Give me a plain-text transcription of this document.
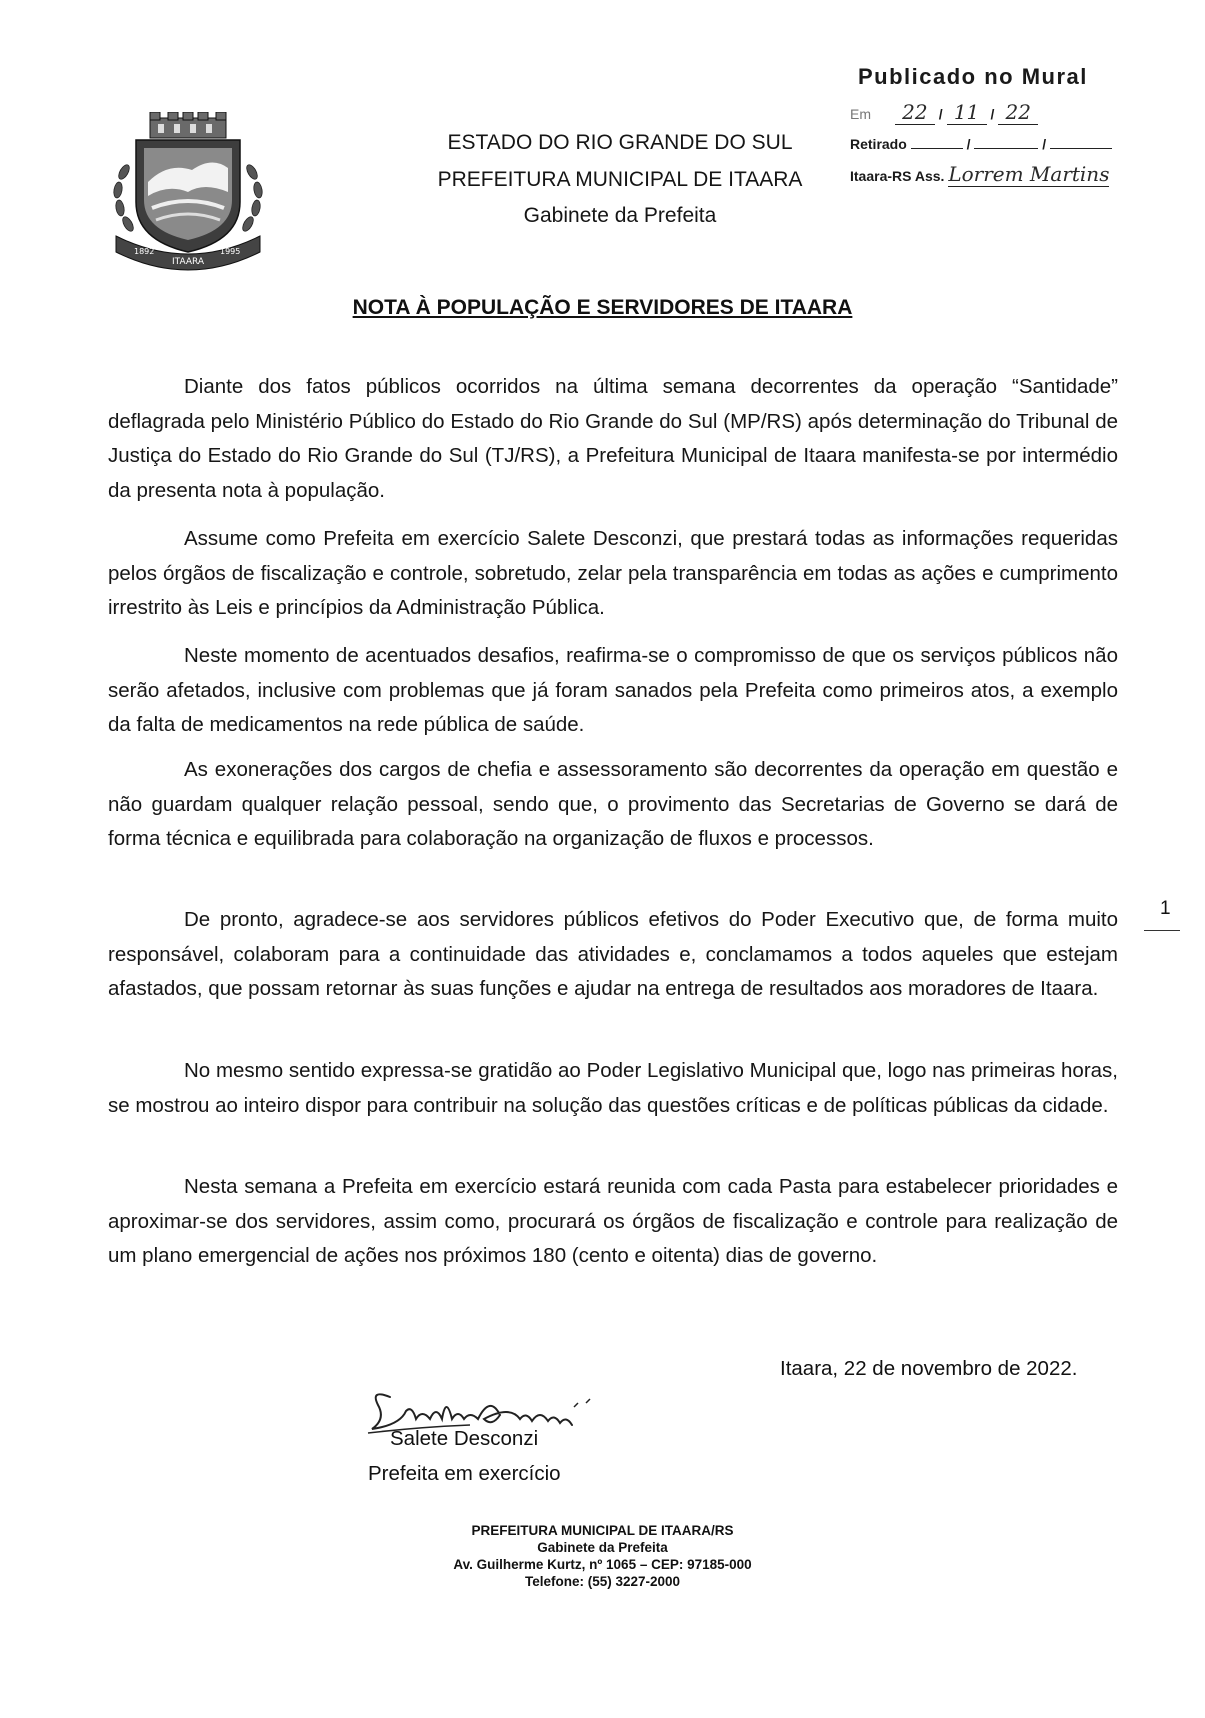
1892
ITAARA
1995
ESTADO DO RIO GRANDE DO SUL
PREFEITURA MUNICIPAL DE ITAARA
Gabinete da Prefeita
Publicado no Mural
Em 22 / 11 / 22
Retirado	/	/
Itaara-RS Ass. Lorrem Martins
NOTA À POPULAÇÃO E SERVIDORES DE ITAARA

Diante dos fatos públicos ocorridos na última semana decorrentes da operação “Santidade” deflagrada pelo Ministério Público do Estado do Rio Grande do Sul (MP/RS) após determinação do Tribunal de Justiça do Estado do Rio Grande do Sul (TJ/RS), a Prefeitura Municipal de Itaara manifesta-se por intermédio da presenta nota à população.

Assume como Prefeita em exercício Salete Desconzi, que prestará todas as informações requeridas pelos órgãos de fiscalização e controle, sobretudo, zelar pela transparência em todas as ações e cumprimento irrestrito às Leis e princípios da Administração Pública.

Neste momento de acentuados desafios, reafirma-se o compromisso de que os serviços públicos não serão afetados, inclusive com problemas que já foram sanados pela Prefeita como primeiros atos, a exemplo da falta de medicamentos na rede pública de saúde.

As exonerações dos cargos de chefia e assessoramento são decorrentes da operação em questão e não guardam qualquer relação pessoal, sendo que, o provimento das Secretarias de Governo se dará de forma técnica e equilibrada para colaboração na organização de fluxos e processos.

De pronto, agradece-se aos servidores públicos efetivos do Poder Executivo que, de forma muito responsável, colaboram para a continuidade das atividades e, conclamamos a todos aqueles que estejam afastados, que possam retornar às suas funções e ajudar na entrega de resultados aos moradores de Itaara.

No mesmo sentido expressa-se gratidão ao Poder Legislativo Municipal que, logo nas primeiras horas, se mostrou ao inteiro dispor para contribuir na solução das questões críticas e de políticas públicas da cidade.

Nesta semana a Prefeita em exercício estará reunida com cada Pasta para estabelecer prioridades e aproximar-se dos servidores, assim como, procurará os órgãos de fiscalização e controle para realização de um plano emergencial de ações nos próximos 180 (cento e oitenta) dias de governo.

1
Itaara, 22 de novembro de 2022.
Salete Desconzi
Prefeita em exercício
PREFEITURA MUNICIPAL DE ITAARA/RS
Gabinete da Prefeita
Av. Guilherme Kurtz, nº 1065 – CEP: 97185-000
Telefone: (55) 3227-2000
